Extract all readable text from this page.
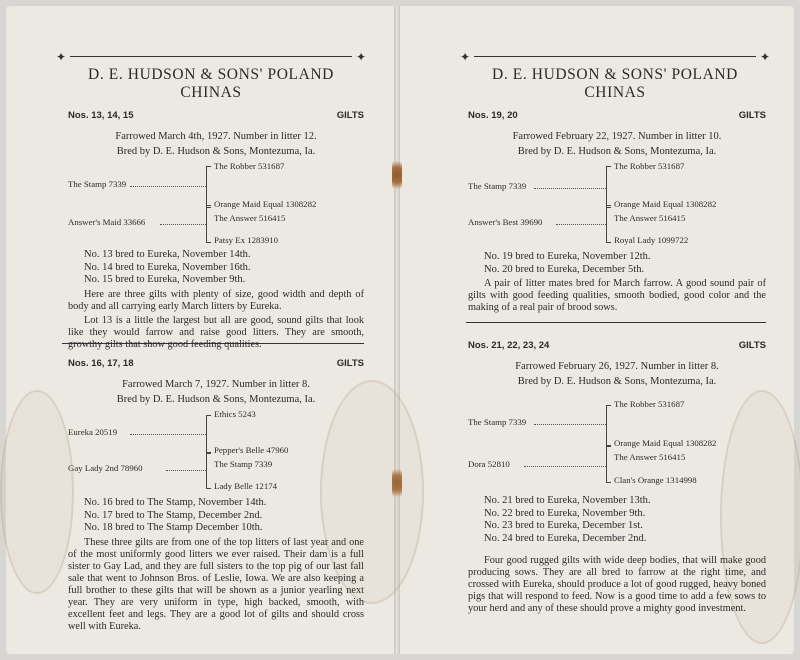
✦	✦
D. E. HUDSON & SONS' POLAND CHINAS
Nos. 13, 14, 15	GILTS
Farrowed March 4th, 1927. Number in litter 12.
Bred by D. E. Hudson & Sons, Montezuma, Ia.
The Stamp 7339
Answer's Maid 33666
The Robber 531687
Orange Maid Equal 1308282
The Answer 516415
Patsy Ex 1283910
No. 13 bred to Eureka, November 14th.
No. 14 bred to Eureka, November 16th.
No. 15 bred to Eureka, November 9th.
Here are three gilts with plenty of size, good width and depth of body and all carrying early March litters by Eureka.
Lot 13 is a little the largest but all are good, sound gilts that look like they would farrow and raise good litters. They are smooth, growthy gilts that show good feeding qualities.
Nos. 16, 17, 18	GILTS
Farrowed March 7, 1927. Number in litter 8.
Bred by D. E. Hudson & Sons, Montezuma, Ia.
Eureka 20519
Gay Lady 2nd 78960
Ethics 5243
Pepper's Belle 47960
The Stamp 7339
Lady Belle 12174
No. 16 bred to The Stamp, November 14th.
No. 17 bred to The Stamp, December 2nd.
No. 18 bred to The Stamp December 10th.
These three gilts are from one of the top litters of last year and one of the most uniformly good litters we ever raised. Their dam is a full sister to Gay Lad, and they are full sisters to the top pig of our last fall sale that went to Johnson Bros. of Leslie, Iowa. We are also keeping a full brother to these gilts that will be shown as a junior yearling next year. They are very uniform in type, high backed, smooth, with excellent feet and legs. They are a good lot of gilts and should cross well with Eureka.
✦	✦
D. E. HUDSON & SONS' POLAND CHINAS
Nos. 19, 20	GILTS
Farrowed February 22, 1927. Number in litter 10.
Bred by D. E. Hudson & Sons, Montezuma, Ia.
The Stamp 7339
Answer's Best 39690
The Robber 531687
Orange Maid Equal 1308282
The Answer 516415
Royal Lady 1099722
No. 19 bred to Eureka, November 12th.
No. 20 bred to Eureka, December 5th.
A pair of litter mates bred for March farrow. A good sound pair of gilts with good feeding qualities, smooth bodied, good color and the making of a real pair of brood sows.
Nos. 21, 22, 23, 24	GILTS
Farrowed February 26, 1927. Number in litter 8.
Bred by D. E. Hudson & Sons, Montezuma, Ia.
The Stamp 7339
Dora 52810
The Robber 531687
Orange Maid Equal 1308282
The Answer 516415
Clan's Orange 1314998
No. 21 bred to Eureka, November 13th.
No. 22 bred to Eureka, November 9th.
No. 23 bred to Eureka, December 1st.
No. 24 bred to Eureka, December 2nd.
Four good rugged gilts with wide deep bodies, that will make good producing sows. They are all bred to farrow at the right time, and crossed with Eureka, should produce a lot of good rugged, heavy boned pigs that will respond to feed. Now is a good time to add a few sows to your herd and any of these should prove a mighty good investment.
